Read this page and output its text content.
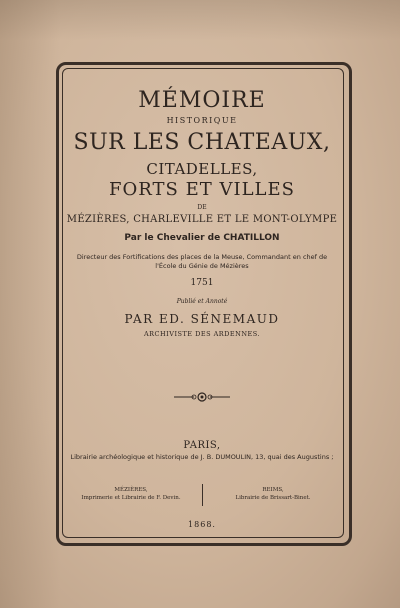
MÉMOIRE
HISTORIQUE
SUR LES CHATEAUX,
CITADELLES,
FORTS ET VILLES
DE
MÉZIÈRES, CHARLEVILLE ET LE MONT-OLYMPE
Par le Chevalier de CHATILLON
Directeur des Fortifications des places de la Meuse, Commandant en chef de l'École du Génie de Mézières
1751
Publié et Annoté
PAR ED. SÉNEMAUD
ARCHIVISTE DES ARDENNES.
PARIS,
Librairie archéologique et historique de J. B. DUMOULIN, 13, quai des Augustins ;
MÉZIÈRES,
Imprimerie et Librairie de F. Devin.
REIMS,
Librairie de Brissart-Binet.
1868.
